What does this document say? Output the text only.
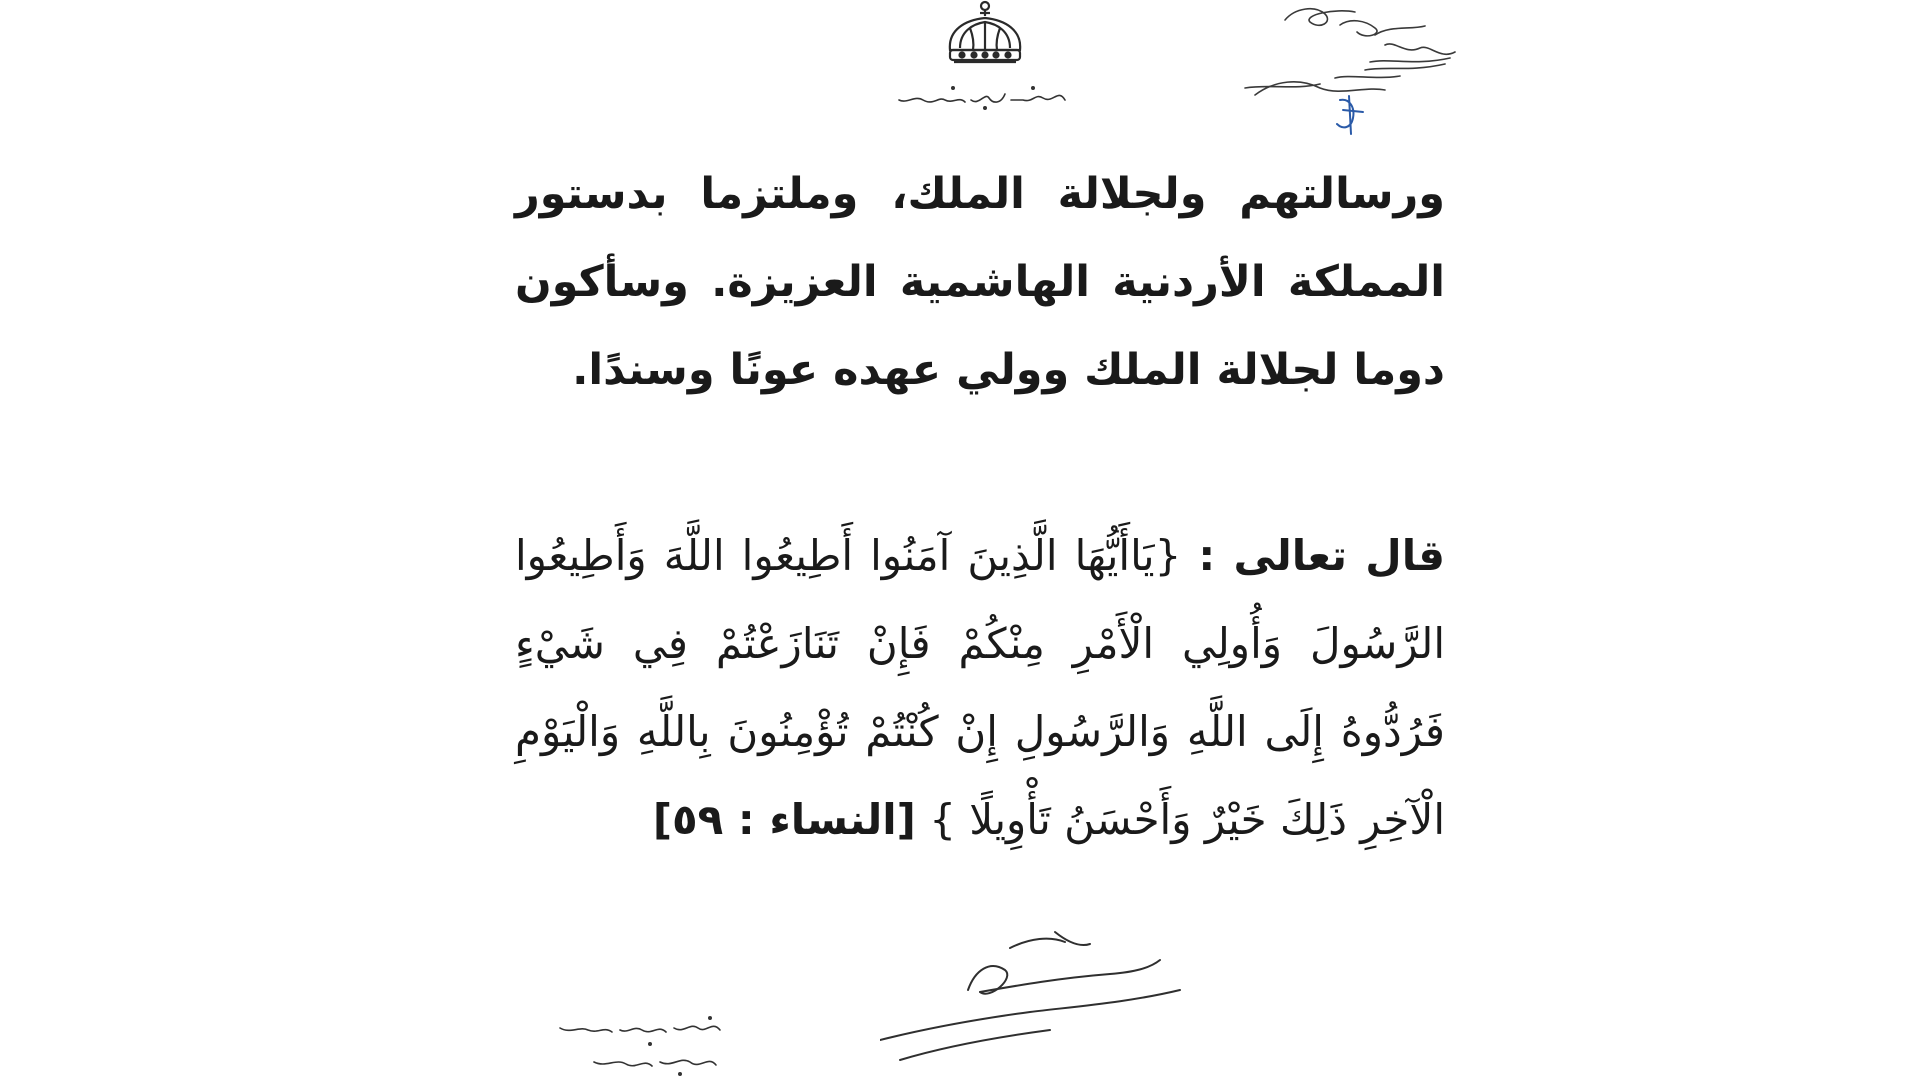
ورسالتهم ولجلالة الملك، وملتزما بدستور المملكة الأردنية الهاشمية العزيزة. وسأكون دوما لجلالة الملك وولي عهده عونًا وسندًا.

قال تعالى : {يَاأَيُّهَا الَّذِينَ آمَنُوا أَطِيعُوا اللَّهَ وَأَطِيعُوا الرَّسُولَ وَأُولِي الْأَمْرِ مِنْكُمْ فَإِنْ تَنَازَعْتُمْ فِي شَيْءٍ فَرُدُّوهُ إِلَى اللَّهِ وَالرَّسُولِ إِنْ كُنْتُمْ تُؤْمِنُونَ بِاللَّهِ وَالْيَوْمِ الْآخِرِ ذَلِكَ خَيْرٌ وَأَحْسَنُ تَأْوِيلًا } [النساء : ٥٩]
